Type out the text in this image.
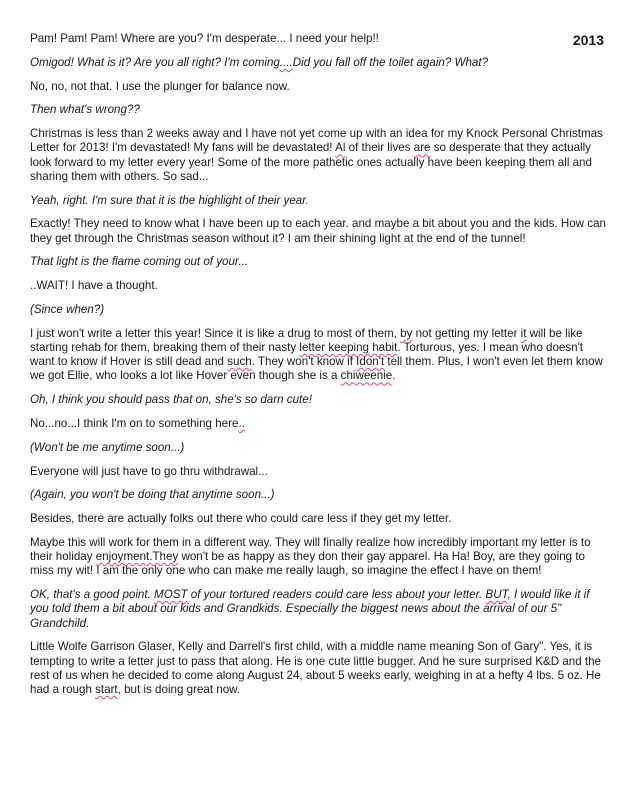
2013

Pam! Pam! Pam! Where are you? I'm desperate... I need your help!!

Omigod! What is it? Are you all right? I'm coming....Did you fall off the toilet again? What?

No, no, not that. I use the plunger for balance now.

Then what's wrong??

Christmas is less than 2 weeks away and I have not yet come up with an idea for my Knock Personal Christmas Letter for 2013! I'm devastated! My fans will be devastated! Al of their lives are so desperate that they actually look forward to my letter every year! Some of the more pathetic ones actually have been keeping them all and sharing them with others. So sad...

Yeah, right. I'm sure that it is the highlight of their year.

Exactly! They need to know what I have been up to each year. and maybe a bit about you and the kids. How can they get through the Christmas season without it? I am their shining light at the end of the tunnel!

That light is the flame coming out of your...

..WAIT! I have a thought.

(Since when?)

I just won't write a letter this year! Since it is like a drug to most of them, by not getting my letter it will be like starting rehab for them, breaking them of their nasty letter keeping habit. Torturous, yes. I mean who doesn't want to know if Hover is still dead and such. They won't know if Idon't tell them. Plus, I won't even let them know we got Ellie, who looks a lot like Hover even though she is a chiweenie.

Oh, I think you should pass that on, she's so darn cute!

No...no...I think I'm on to something here..

(Won't be me anytime soon...)

Everyone will just have to go thru withdrawal...

(Again, you won't be doing that anytime soon...)

Besides, there are actually folks out there who could care less if they get my letter.

Maybe this will work for them in a different way. They will finally realize how incredibly important my letter is to their holiday enjoyment.They won't be as happy as they don their gay apparel. Ha Ha! Boy, are they going to miss my wit! I am the only one who can make me really laugh, so imagine the effect I have on them!

OK, that's a good point. MOST of your tortured readers could care less about your letter. BUT, I would like it if you told them a bit about our kids and Grandkids. Especially the biggest news about the arrival of our 5" Grandchild.

Little Wolfe Garrison Glaser, Kelly and Darrell's first child, with a middle name meaning Son of Gary". Yes, it is tempting to write a letter just to pass that along. He is one cute little bugger. And he sure surprised K&D and the rest of us when he decided to come along August 24, about 5 weeks early, weighing in at a hefty 4 lbs. 5 oz. He had a rough start, but is doing great now.
